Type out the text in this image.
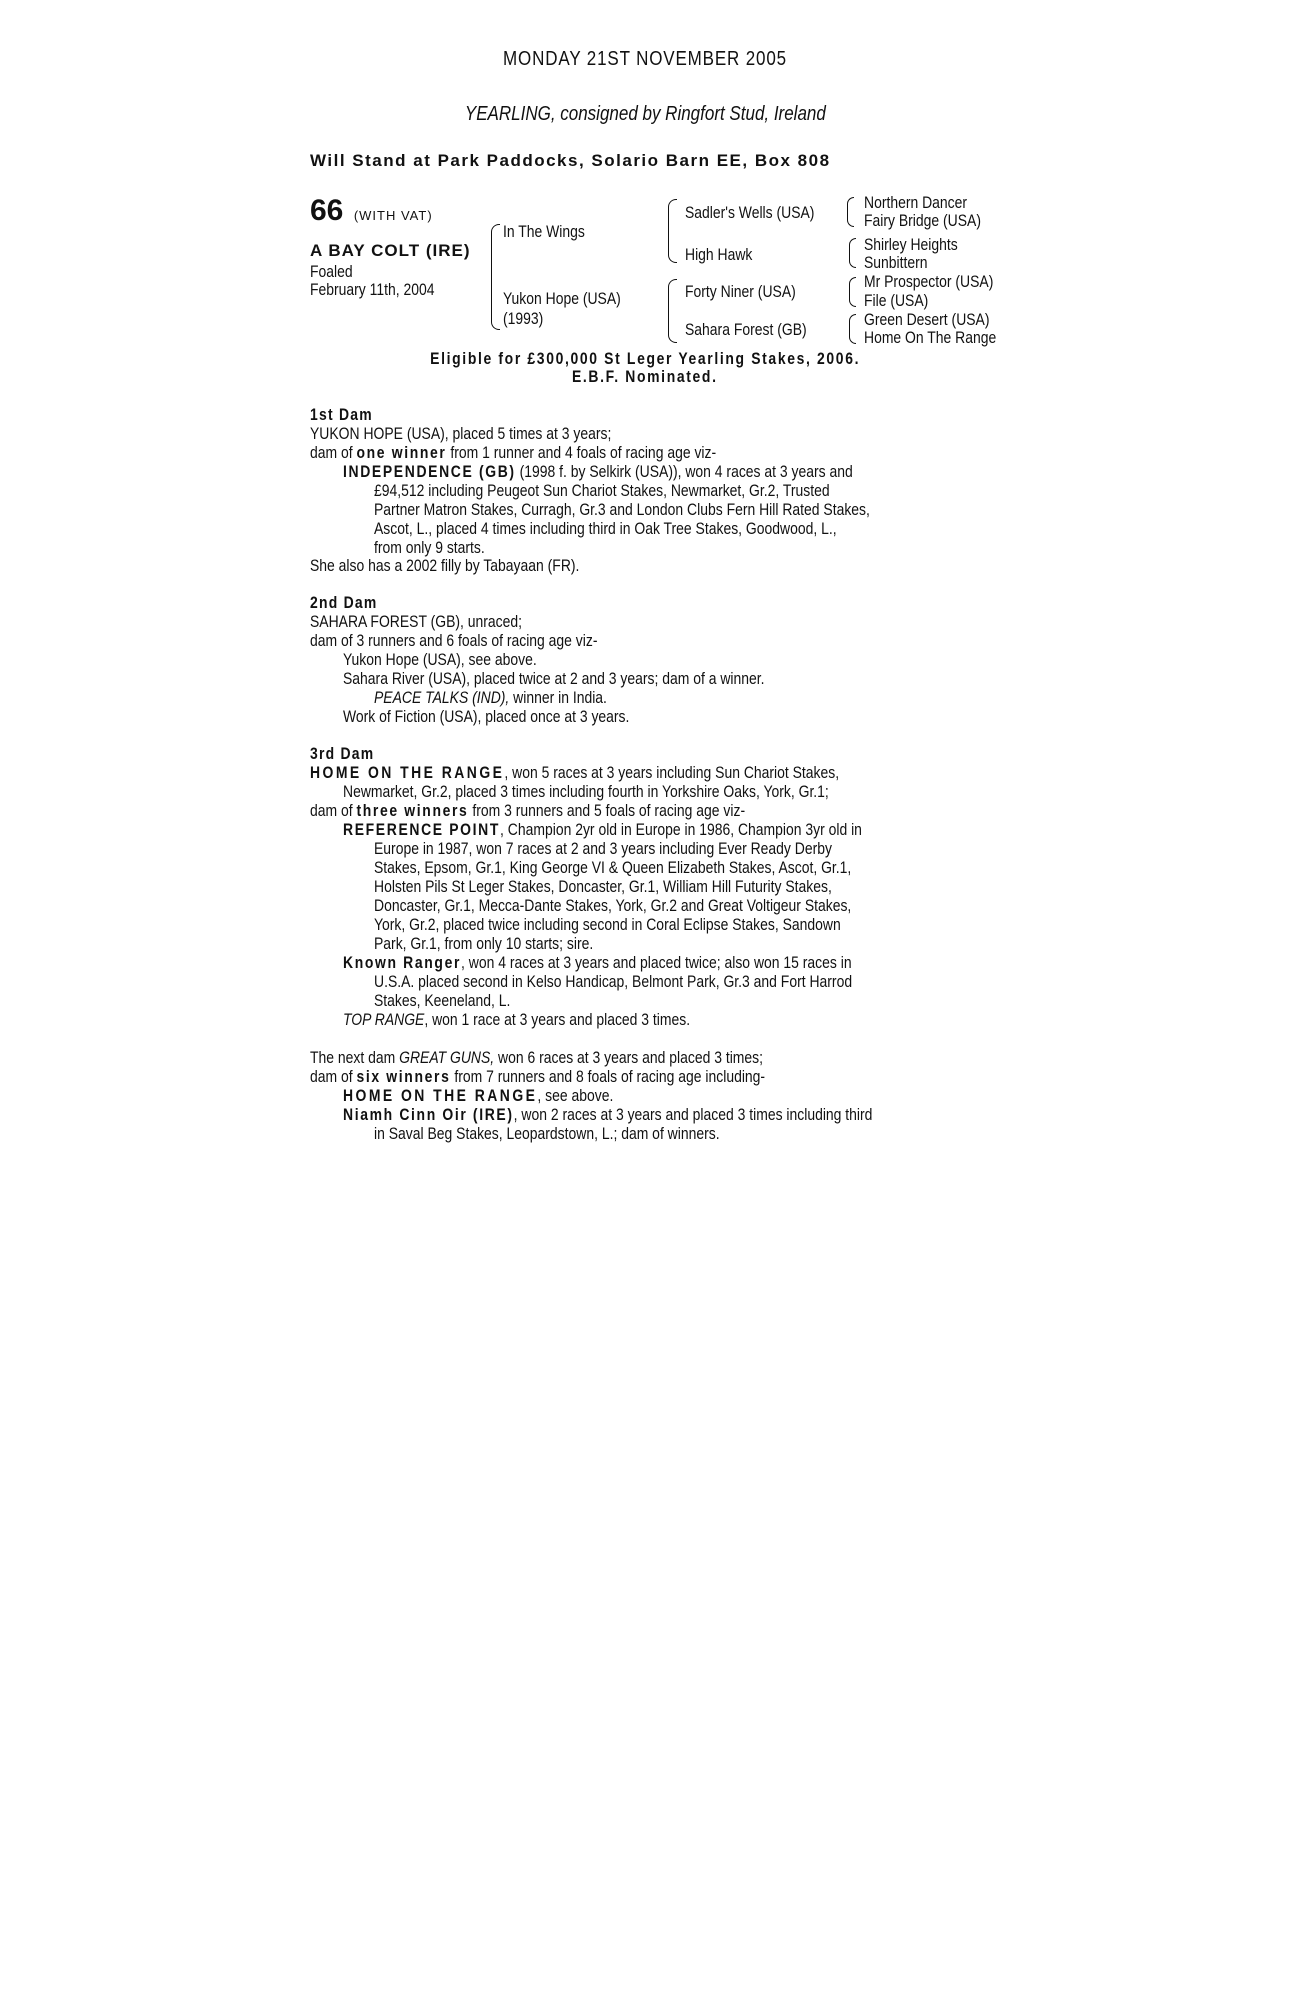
MONDAY 21ST NOVEMBER 2005
YEARLING, consigned by Ringfort Stud, Ireland
Will Stand at Park Paddocks, Solario Barn EE, Box 808
66 (WITH VAT)
A BAY COLT (IRE)
Foaled
February 11th, 2004
In The Wings
Yukon Hope (USA)
(1993)
Sadler's Wells (USA)
High Hawk
Forty Niner (USA)
Sahara Forest (GB)
Northern Dancer
Fairy Bridge (USA)
Shirley Heights
Sunbittern
Mr Prospector (USA)
File (USA)
Green Desert (USA)
Home On The Range
Eligible for £300,000 St Leger Yearling Stakes, 2006.
E.B.F. Nominated.
1st Dam
YUKON HOPE (USA), placed 5 times at 3 years;
dam of one winner from 1 runner and 4 foals of racing age viz-
INDEPENDENCE (GB) (1998 f. by Selkirk (USA)), won 4 races at 3 years and
£94,512 including Peugeot Sun Chariot Stakes, Newmarket, Gr.2, Trusted
Partner Matron Stakes, Curragh, Gr.3 and London Clubs Fern Hill Rated Stakes,
Ascot, L., placed 4 times including third in Oak Tree Stakes, Goodwood, L.,
from only 9 starts.
She also has a 2002 filly by Tabayaan (FR).
2nd Dam
SAHARA FOREST (GB), unraced;
dam of 3 runners and 6 foals of racing age viz-
Yukon Hope (USA), see above.
Sahara River (USA), placed twice at 2 and 3 years; dam of a winner.
PEACE TALKS (IND), winner in India.
Work of Fiction (USA), placed once at 3 years.
3rd Dam
HOME ON THE RANGE, won 5 races at 3 years including Sun Chariot Stakes,
Newmarket, Gr.2, placed 3 times including fourth in Yorkshire Oaks, York, Gr.1;
dam of three winners from 3 runners and 5 foals of racing age viz-
REFERENCE POINT, Champion 2yr old in Europe in 1986, Champion 3yr old in
Europe in 1987, won 7 races at 2 and 3 years including Ever Ready Derby
Stakes, Epsom, Gr.1, King George VI & Queen Elizabeth Stakes, Ascot, Gr.1,
Holsten Pils St Leger Stakes, Doncaster, Gr.1, William Hill Futurity Stakes,
Doncaster, Gr.1, Mecca-Dante Stakes, York, Gr.2 and Great Voltigeur Stakes,
York, Gr.2, placed twice including second in Coral Eclipse Stakes, Sandown
Park, Gr.1, from only 10 starts; sire.
Known Ranger, won 4 races at 3 years and placed twice; also won 15 races in
U.S.A. placed second in Kelso Handicap, Belmont Park, Gr.3 and Fort Harrod
Stakes, Keeneland, L.
TOP RANGE, won 1 race at 3 years and placed 3 times.
The next dam GREAT GUNS, won 6 races at 3 years and placed 3 times;
dam of six winners from 7 runners and 8 foals of racing age including-
HOME ON THE RANGE, see above.
Niamh Cinn Oir (IRE), won 2 races at 3 years and placed 3 times including third
in Saval Beg Stakes, Leopardstown, L.; dam of winners.
